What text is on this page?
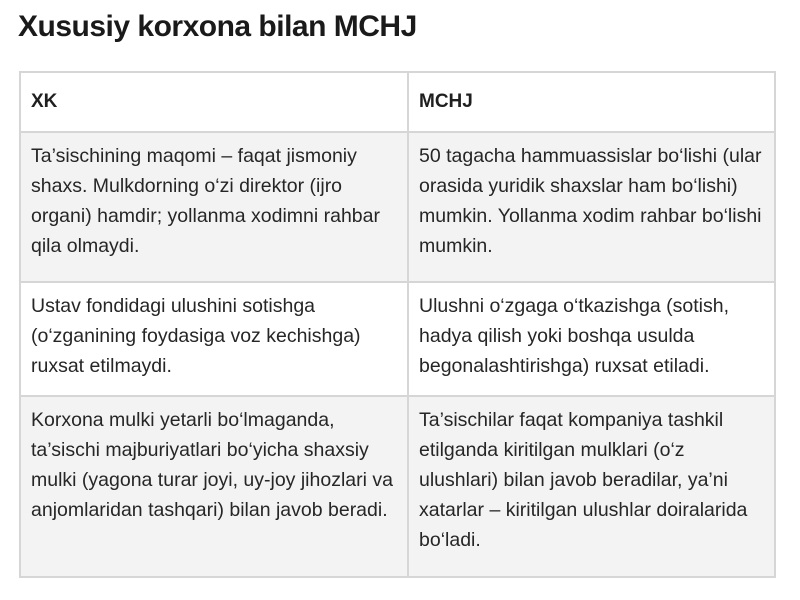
Xususiy korxona bilan MCHJ
XK	MCHJ
Ta’sischining maqomi – faqat jismoniy shaxs. Mulkdorning o‘zi direktor (ijro organi) hamdir; yollanma xodimni rahbar qila olmaydi.	50 tagacha hammuassislar bo‘lishi (ular orasida yuridik shaxslar ham bo‘lishi) mumkin. Yollanma xodim rahbar bo‘lishi mumkin.
Ustav fondidagi ulushini sotishga (o‘zganining foydasiga voz kechishga) ruxsat etilmaydi.	Ulushni o‘zgaga o‘tkazishga (sotish, hadya qilish yoki boshqa usulda begonalashtirishga) ruxsat etiladi.
Korxona mulki yetarli bo‘lmaganda, ta’sischi majburiyatlari bo‘yicha shaxsiy mulki (yagona turar joyi, uy-joy jihozlari va anjomlaridan tashqari) bilan javob beradi.	Ta’sischilar faqat kompaniya tashkil etilganda kiritilgan mulklari (o‘z ulushlari) bilan javob beradilar, ya’ni xatarlar – kiritilgan ulushlar doiralarida bo‘ladi.
